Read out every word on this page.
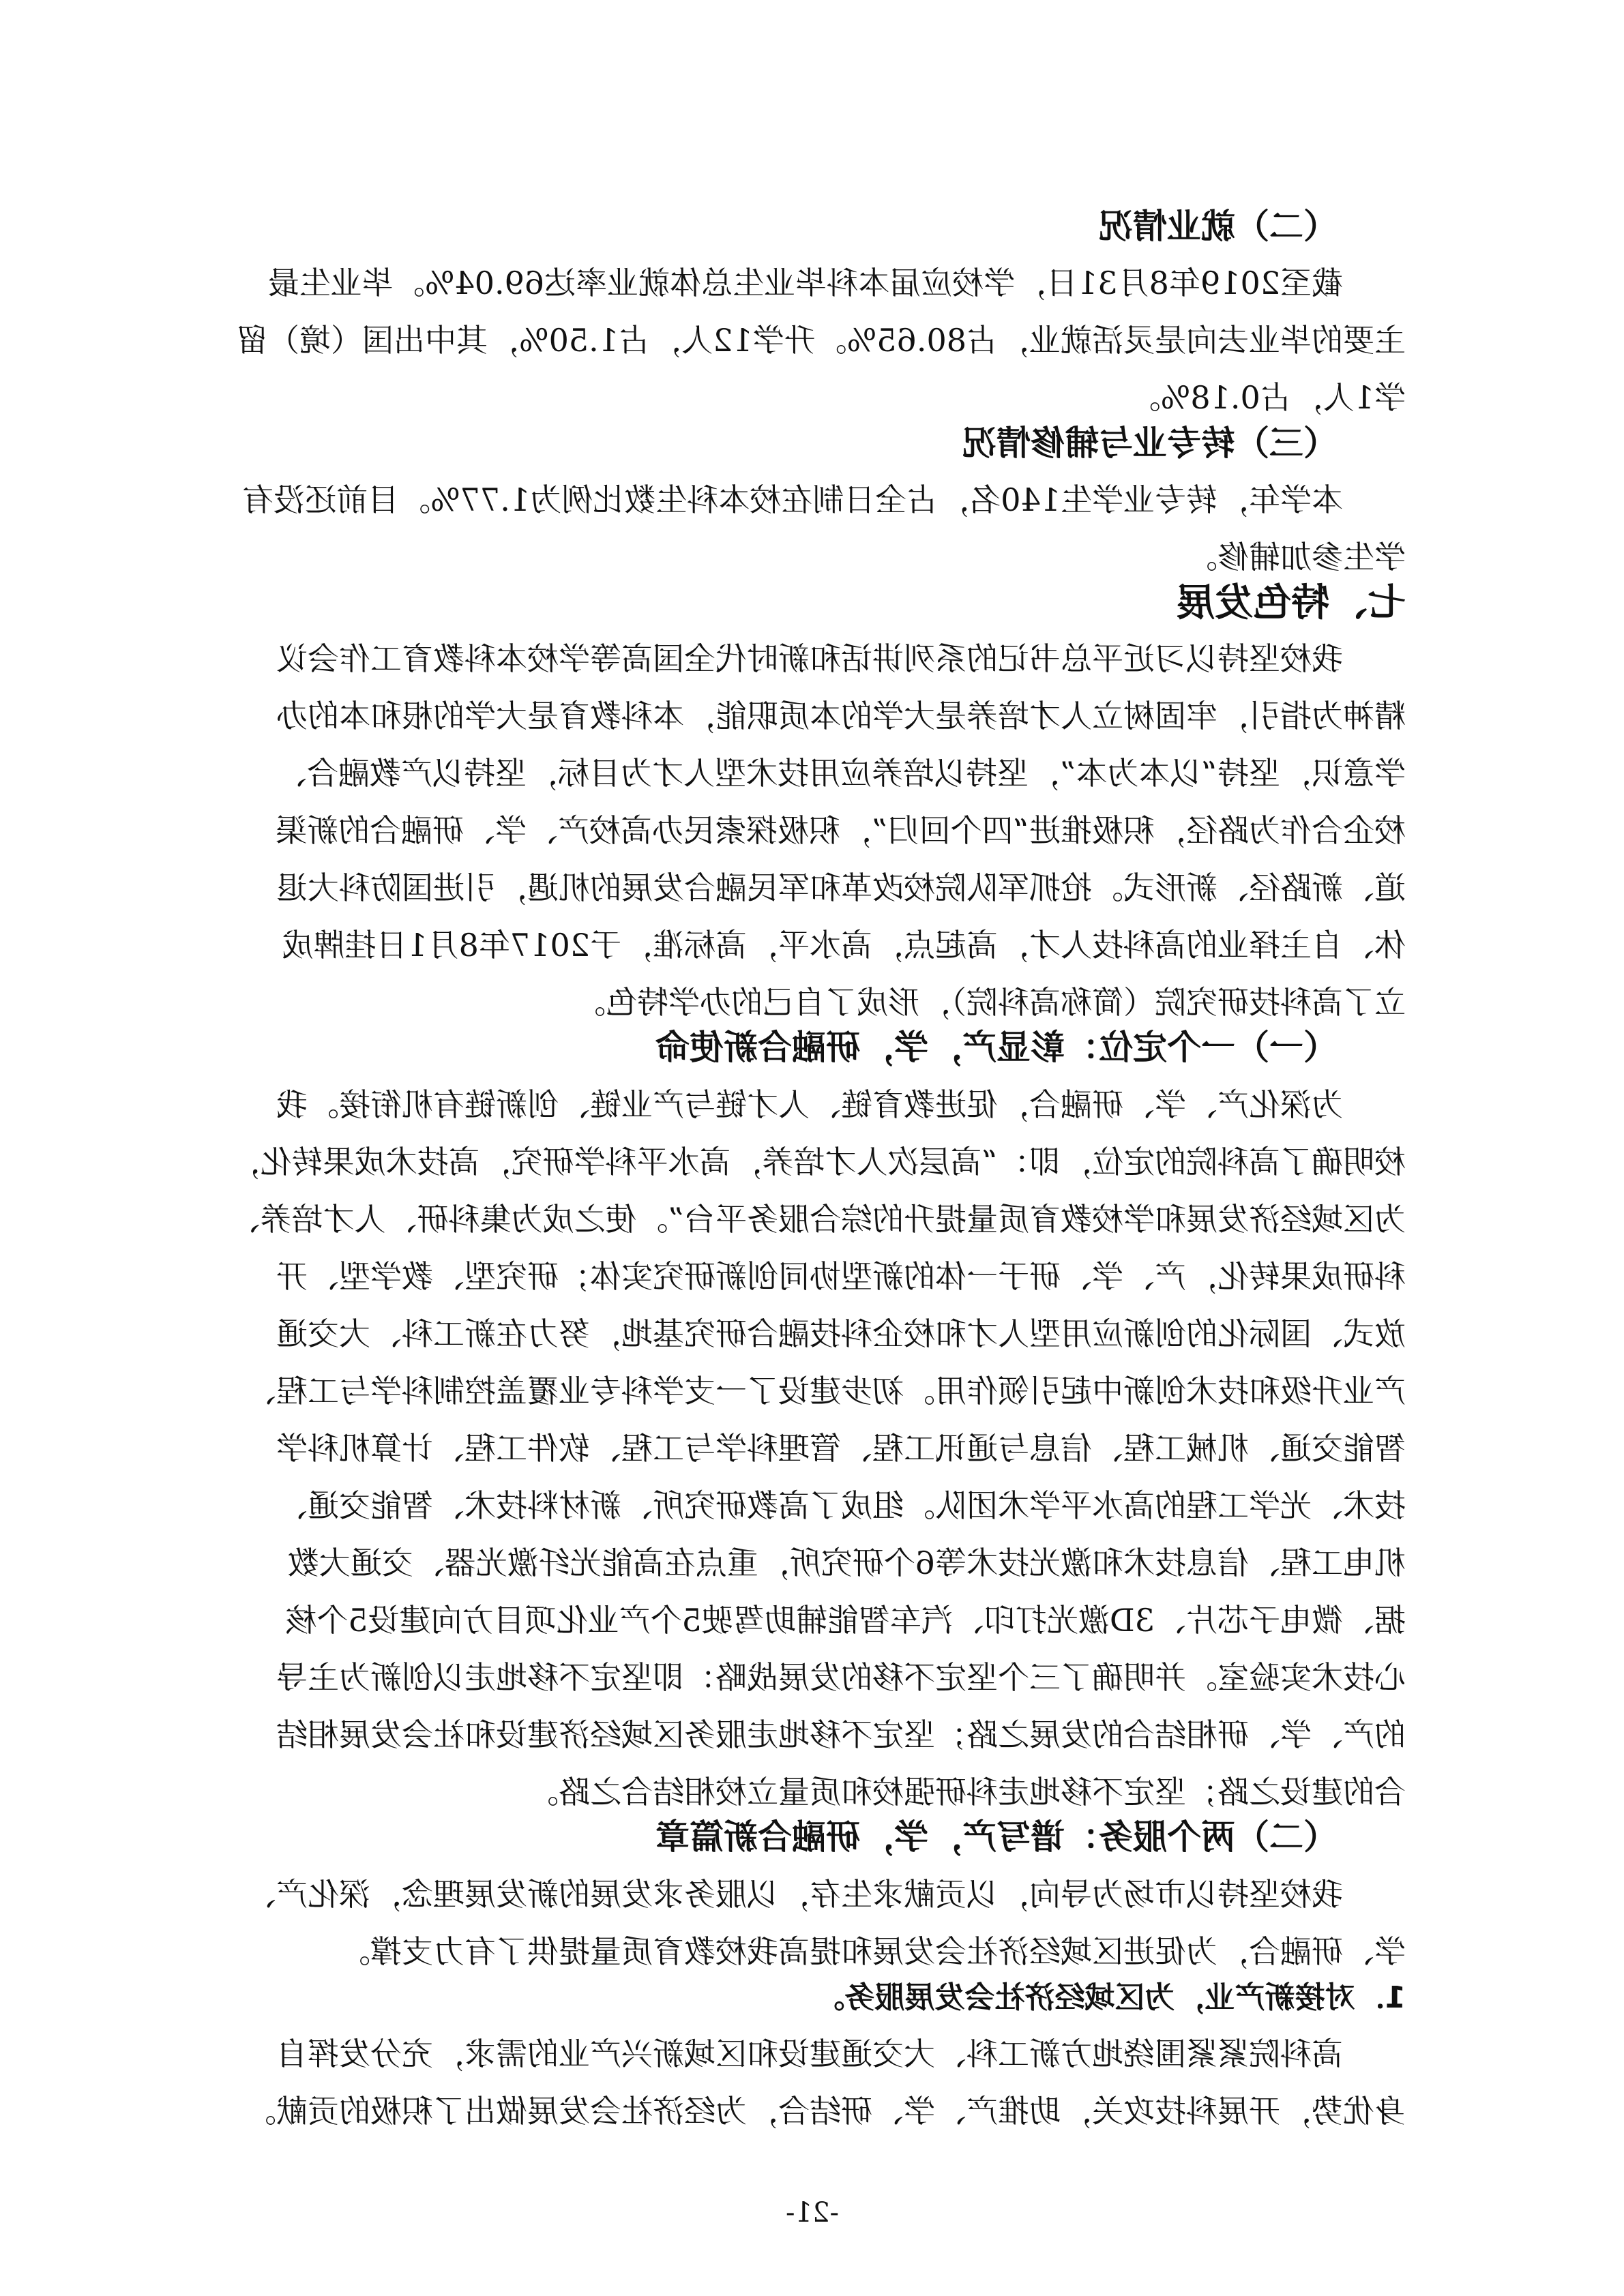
（二）就业情况
截至2019年8月31日，学校应届本科毕业生总体就业率达69.04%。毕业生最
主要的毕业去向是灵活就业，占80.65%。升学12人，占1.50%，其中出国（境）留
学1人，占0.18%。
（三）转专业与辅修情况
本学年，转专业学生140名，占全日制在校本科生数比例为1.77%。目前还没有
学生参加辅修。
七、特色发展
我校坚持以习近平总书记的系列讲话和新时代全国高等学校本科教育工作会议
精神为指引，牢固树立人才培养是大学的本质职能，本科教育是大学的根和本的办
学意识，坚持“以本为本”，坚持以培养应用技术型人才为目标，坚持以产教融合、
校企合作为路径，积极推进“四个回归”，积极探索民办高校产、学、研融合的新渠
道、新路径、新形式。抢抓军队院校改革和军民融合发展的机遇，引进国防科大退
休、自主择业的高科技人才，高起点，高水平，高标准，于2017年8月1日挂牌成
立了高科技研究院（简称高科院），形成了自己的办学特色。
（一）一个定位：彰显产，学，研融合新使命
为深化产、学、研融合，促进教育链、人才链与产业链、创新链有机衔接。我
校明确了高科院的定位，即：“高层次人才培养，高水平科学研究，高技术成果转化，
为区域经济发展和学校教育质量提升的综合服务平台”。使之成为集科研、人才培养、
科研成果转化，产、学、研于一体的新型协同创新研究实体；研究型、教学型、开
放式、国际化的创新应用型人才和校企科技融合研究基地，努力在新工科、大交通
产业升级和技术创新中起引领作用。初步建设了一支学科专业覆盖控制科学与工程、
智能交通、机械工程、信息与通讯工程、管理科学与工程、软件工程、计算机科学
技术、光学工程的高水平学术团队。组成了高教研究所、新材料技术、智能交通、
机电工程、信息技术和激光技术等6个研究所，重点在高能光纤激光器、交通大数
据、微电子芯片、3D激光打印、汽车智能辅助驾驶5个产业化项目方向建设5个核
心技术实验室。并明确了三个坚定不移的发展战略：即坚定不移地走以创新为主导
的产、学、研相结合的发展之路；坚定不移地走服务区域经济建设和社会发展相结
合的建设之路；坚定不移地走科研强校和质量立校相结合之路。
（二）两个服务：谱写产，学，研融合新篇章
我校坚持以市场为导向，以贡献求生存，以服务求发展的新发展理念，深化产、
学、研融合，为促进区域经济社会发展和提高我校教育质量提供了有力支撑。
1．对接新产业，为区域经济社会发展服务。
高科院紧紧围绕地方新工科、大交通建设和区域新兴产业的需求，充分发挥自
身优势，开展科技攻关，助推产、学、研结合，为经济社会发展做出了积极的贡献。
-21-
